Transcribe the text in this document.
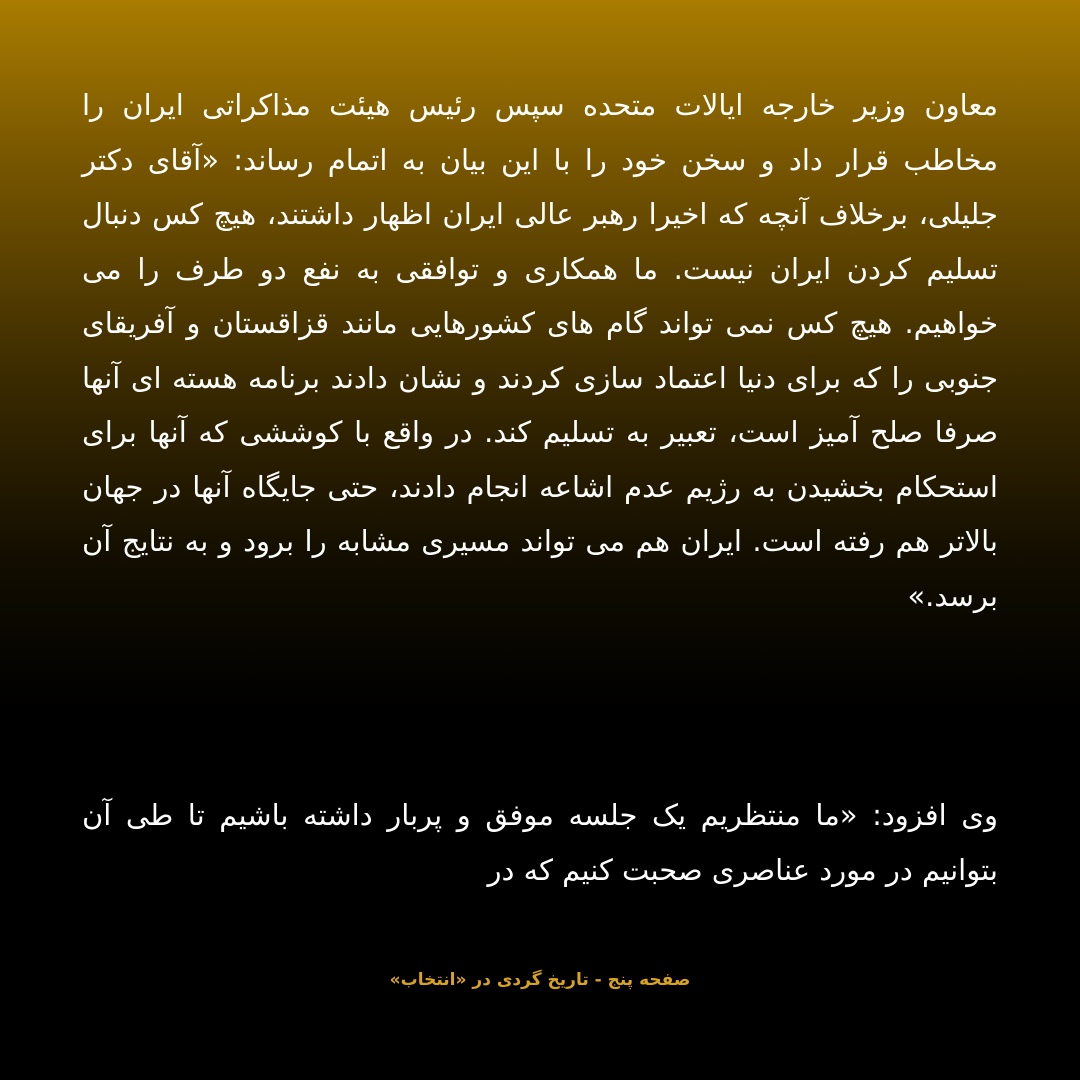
معاون وزیر خارجه ایالات متحده سپس رئیس هیئت مذاکراتی ایران را مخاطب قرار داد و سخن خود را با این بیان به اتمام رساند: «آقای دکتر جلیلی، برخلاف آنچه که اخیرا رهبر عالی ایران اظهار داشتند، هیچ کس دنبال تسلیم کردن ایران نیست. ما همکاری و توافقی به نفع دو طرف را می خواهیم. هیچ کس نمی تواند گام های کشورهایی مانند قزاقستان و آفریقای جنوبی را که برای دنیا اعتماد سازی کردند و نشان دادند برنامه هسته ای آنها صرفا صلح آمیز است، تعبیر به تسلیم کند. در واقع با کوششی که آنها برای استحکام بخشیدن به رژیم عدم اشاعه انجام دادند، حتی جایگاه آنها در جهان بالاتر هم رفته است. ایران هم می تواند مسیری مشابه را برود و به نتایج آن برسد.»

وی افزود: «ما منتظریم یک جلسه موفق و پربار داشته باشیم تا طی آن بتوانیم در مورد عناصری صحبت کنیم که در

صفحه پنج - تاریخ گردی در «انتخاب»
